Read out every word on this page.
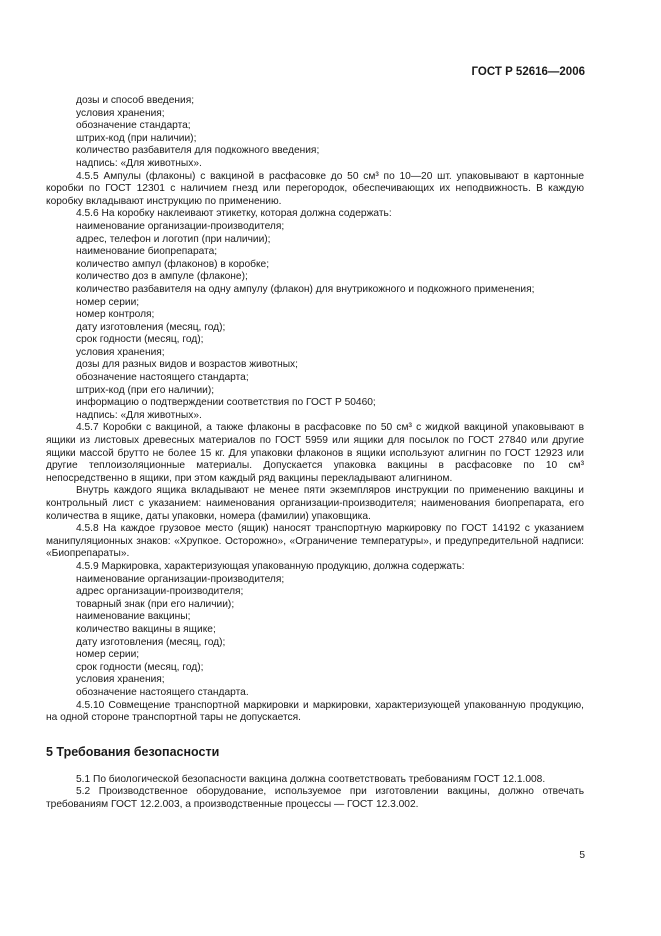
ГОСТ Р 52616—2006

дозы и способ введения;

условия хранения;

обозначение стандарта;

штрих-код (при наличии);

количество разбавителя для подкожного введения;

надпись: «Для животных».

4.5.5 Ампулы (флаконы) с вакциной в расфасовке до 50 см³ по 10—20 шт. упаковывают в картонные коробки по ГОСТ 12301 с наличием гнезд или перегородок, обеспечивающих их неподвижность. В каждую коробку вкладывают инструкцию по применению.

4.5.6 На коробку наклеивают этикетку, которая должна содержать:

наименование организации-производителя;

адрес, телефон и логотип (при наличии);

наименование биопрепарата;

количество ампул (флаконов) в коробке;

количество доз в ампуле (флаконе);

количество разбавителя на одну ампулу (флакон) для внутрикожного и подкожного применения;

номер серии;

номер контроля;

дату изготовления (месяц, год);

срок годности (месяц, год);

условия хранения;

дозы для разных видов и возрастов животных;

обозначение настоящего стандарта;

штрих-код (при его наличии);

информацию о подтверждении соответствия по ГОСТ Р 50460;

надпись: «Для животных».

4.5.7 Коробки с вакциной, а также флаконы в расфасовке по 50 см³ с жидкой вакциной упаковывают в ящики из листовых древесных материалов по ГОСТ 5959 или ящики для посылок по ГОСТ 27840 или другие ящики массой брутто не более 15 кг. Для упаковки флаконов в ящики используют алигнин по ГОСТ 12923 или другие теплоизоляционные материалы. Допускается упаковка вакцины в расфасовке по 10 см³ непосредственно в ящики, при этом каждый ряд вакцины перекладывают алигнином.

Внутрь каждого ящика вкладывают не менее пяти экземпляров инструкции по применению вакцины и контрольный лист с указанием: наименования организации-производителя; наименования биопрепарата, его количества в ящике, даты упаковки, номера (фамилии) упаковщика.

4.5.8 На каждое грузовое место (ящик) наносят транспортную маркировку по ГОСТ 14192 с указанием манипуляционных знаков: «Хрупкое. Осторожно», «Ограничение температуры», и предупредительной надписи: «Биопрепараты».

4.5.9 Маркировка, характеризующая упакованную продукцию, должна содержать:

наименование организации-производителя;

адрес организации-производителя;

товарный знак (при его наличии);

наименование вакцины;

количество вакцины в ящике;

дату изготовления (месяц, год);

номер серии;

срок годности (месяц, год);

условия хранения;

обозначение настоящего стандарта.

4.5.10 Совмещение транспортной маркировки и маркировки, характеризующей упакованную продукцию, на одной стороне транспортной тары не допускается.

5 Требования безопасности

5.1 По биологической безопасности вакцина должна соответствовать требованиям ГОСТ 12.1.008.

5.2 Производственное оборудование, используемое при изготовлении вакцины, должно отвечать требованиям ГОСТ 12.2.003, а производственные процессы — ГОСТ 12.3.002.

5
